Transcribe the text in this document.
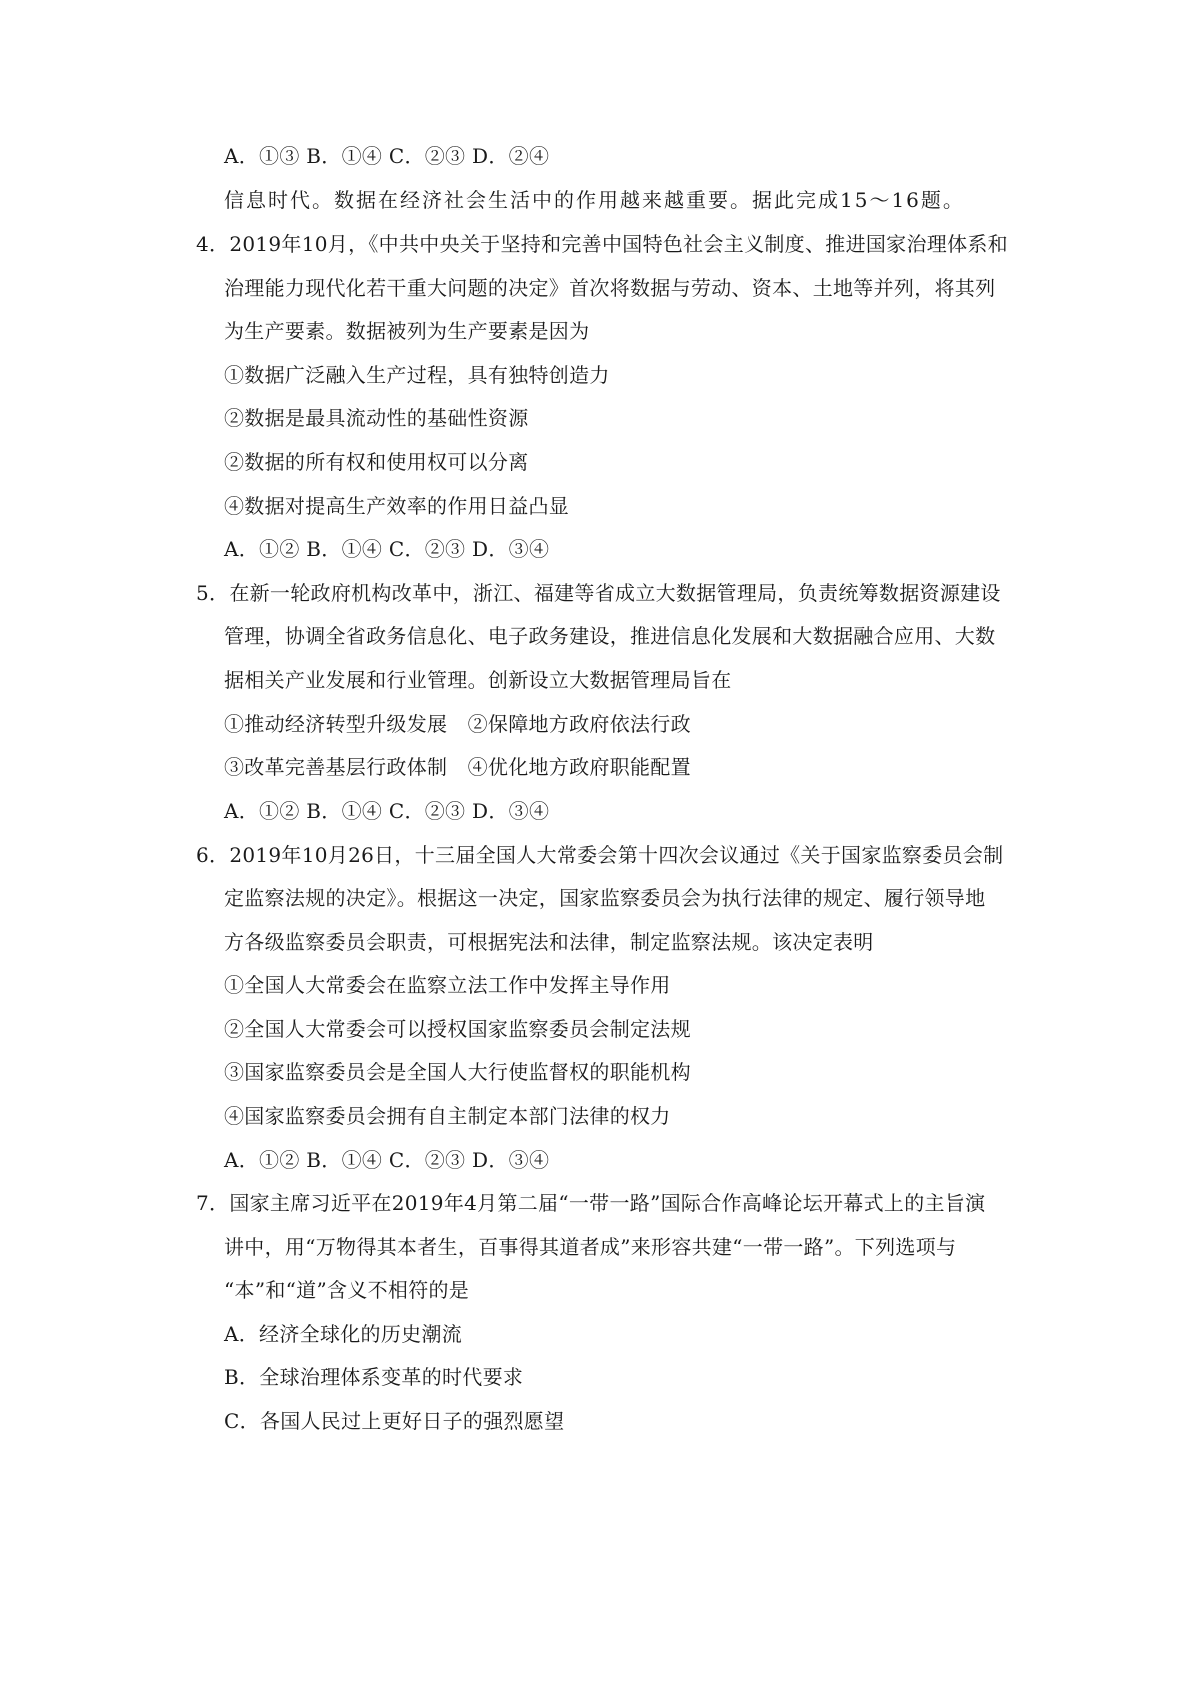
A．①③ B．①④ C．②③ D．②④
信息时代。数据在经济社会生活中的作用越来越重要。据此完成15～16题。
4．2019年10月，《中共中央关于坚持和完善中国特色社会主义制度、推进国家治理体系和
治理能力现代化若干重大问题的决定》首次将数据与劳动、资本、土地等并列，将其列
为生产要素。数据被列为生产要素是因为
①数据广泛融入生产过程，具有独特创造力
②数据是最具流动性的基础性资源
②数据的所有权和使用权可以分离
④数据对提高生产效率的作用日益凸显
A．①② B．①④ C．②③ D．③④
5．在新一轮政府机构改革中，浙江、福建等省成立大数据管理局，负责统筹数据资源建设
管理，协调全省政务信息化、电子政务建设，推进信息化发展和大数据融合应用、大数
据相关产业发展和行业管理。创新设立大数据管理局旨在
①推动经济转型升级发展　②保障地方政府依法行政
③改革完善基层行政体制　④优化地方政府职能配置
A．①② B．①④ C．②③ D．③④
6．2019年10月26日，十三届全国人大常委会第十四次会议通过《关于国家监察委员会制
定监察法规的决定》。根据这一决定，国家监察委员会为执行法律的规定、履行领导地
方各级监察委员会职责，可根据宪法和法律，制定监察法规。该决定表明
①全国人大常委会在监察立法工作中发挥主导作用
②全国人大常委会可以授权国家监察委员会制定法规
③国家监察委员会是全国人大行使监督权的职能机构
④国家监察委员会拥有自主制定本部门法律的权力
A．①② B．①④ C．②③ D．③④
7．国家主席习近平在2019年4月第二届“一带一路”国际合作高峰论坛开幕式上的主旨演
讲中，用“万物得其本者生，百事得其道者成”来形容共建“一带一路”。下列选项与
“本”和“道”含义不相符的是
A．经济全球化的历史潮流
B．全球治理体系变革的时代要求
C．各国人民过上更好日子的强烈愿望
